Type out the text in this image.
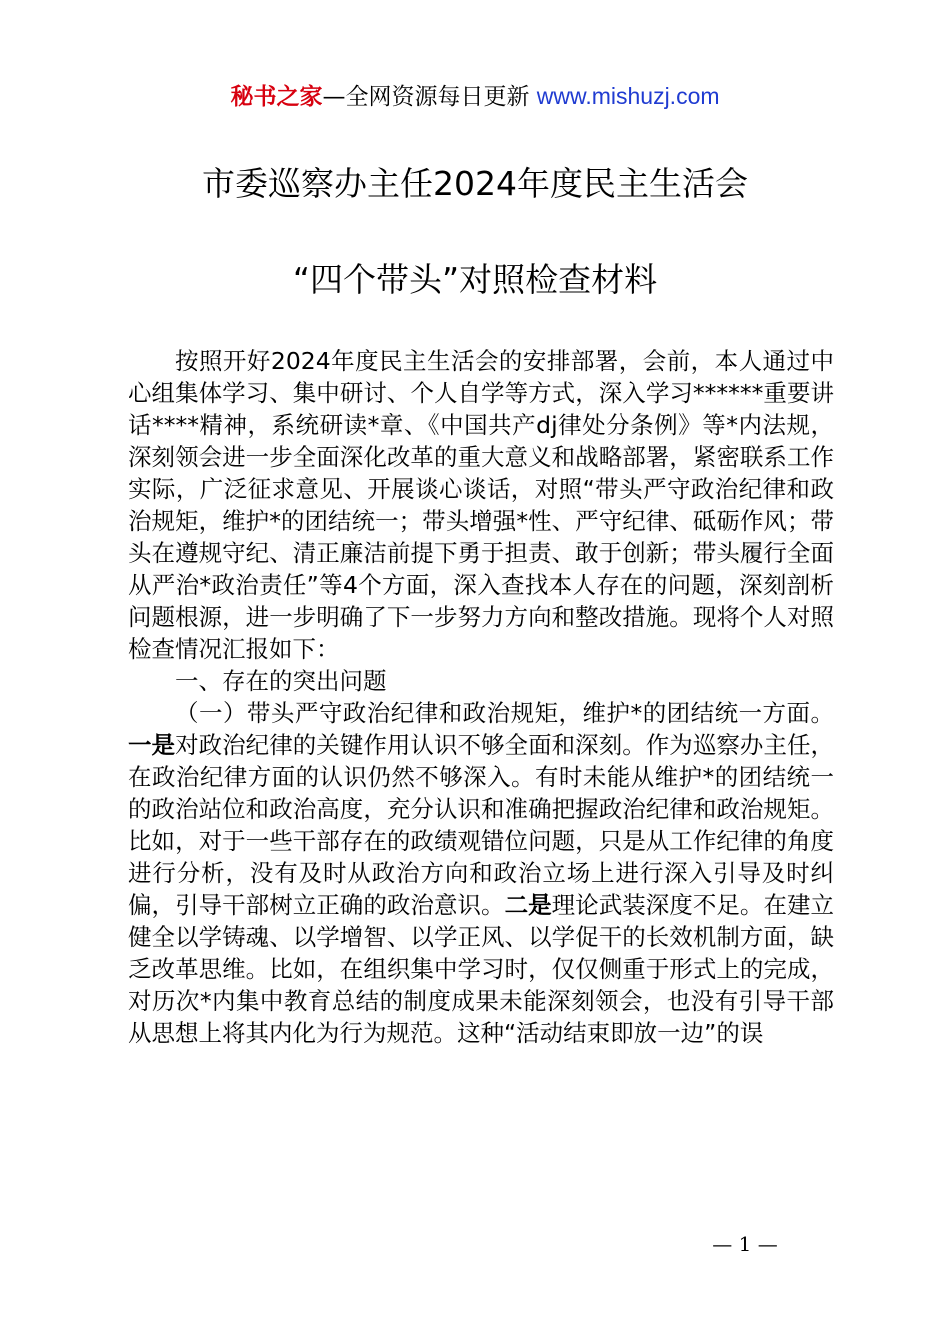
秘书之家—全网资源每日更新 www.mishuzj.com
市委巡察办主任2024年度民主生活会
“四个带头”对照检查材料

按照开好2024年度民主生活会的安排部署，会前，本人通过中心组集体学习、集中研讨、个人自学等方式，深入学习******重要讲话****精神，系统研读*章、《中国共产dj律处分条例》等*内法规，深刻领会进一步全面深化改革的重大意义和战略部署，紧密联系工作实际，广泛征求意见、开展谈心谈话，对照“带头严守政治纪律和政治规矩，维护*的团结统一；带头增强*性、严守纪律、砥砺作风；带头在遵规守纪、清正廉洁前提下勇于担责、敢于创新；带头履行全面从严治*政治责任”等4个方面，深入查找本人存在的问题，深刻剖析问题根源，进一步明确了下一步努力方向和整改措施。现将个人对照检查情况汇报如下：

一、存在的突出问题

（一）带头严守政治纪律和政治规矩，维护*的团结统一方面。一是对政治纪律的关键作用认识不够全面和深刻。作为巡察办主任，在政治纪律方面的认识仍然不够深入。有时未能从维护*的团结统一的政治站位和政治高度，充分认识和准确把握政治纪律和政治规矩。比如，对于一些干部存在的政绩观错位问题，只是从工作纪律的角度进行分析，没有及时从政治方向和政治立场上进行深入引导及时纠偏，引导干部树立正确的政治意识。二是理论武装深度不足。在建立健全以学铸魂、以学增智、以学正风、以学促干的长效机制方面，缺乏改革思维。比如，在组织集中学习时，仅仅侧重于形式上的完成，对历次*内集中教育总结的制度成果未能深刻领会，也没有引导干部从思想上将其内化为行为规范。这种“活动结束即放一边”的误

— 1 —
